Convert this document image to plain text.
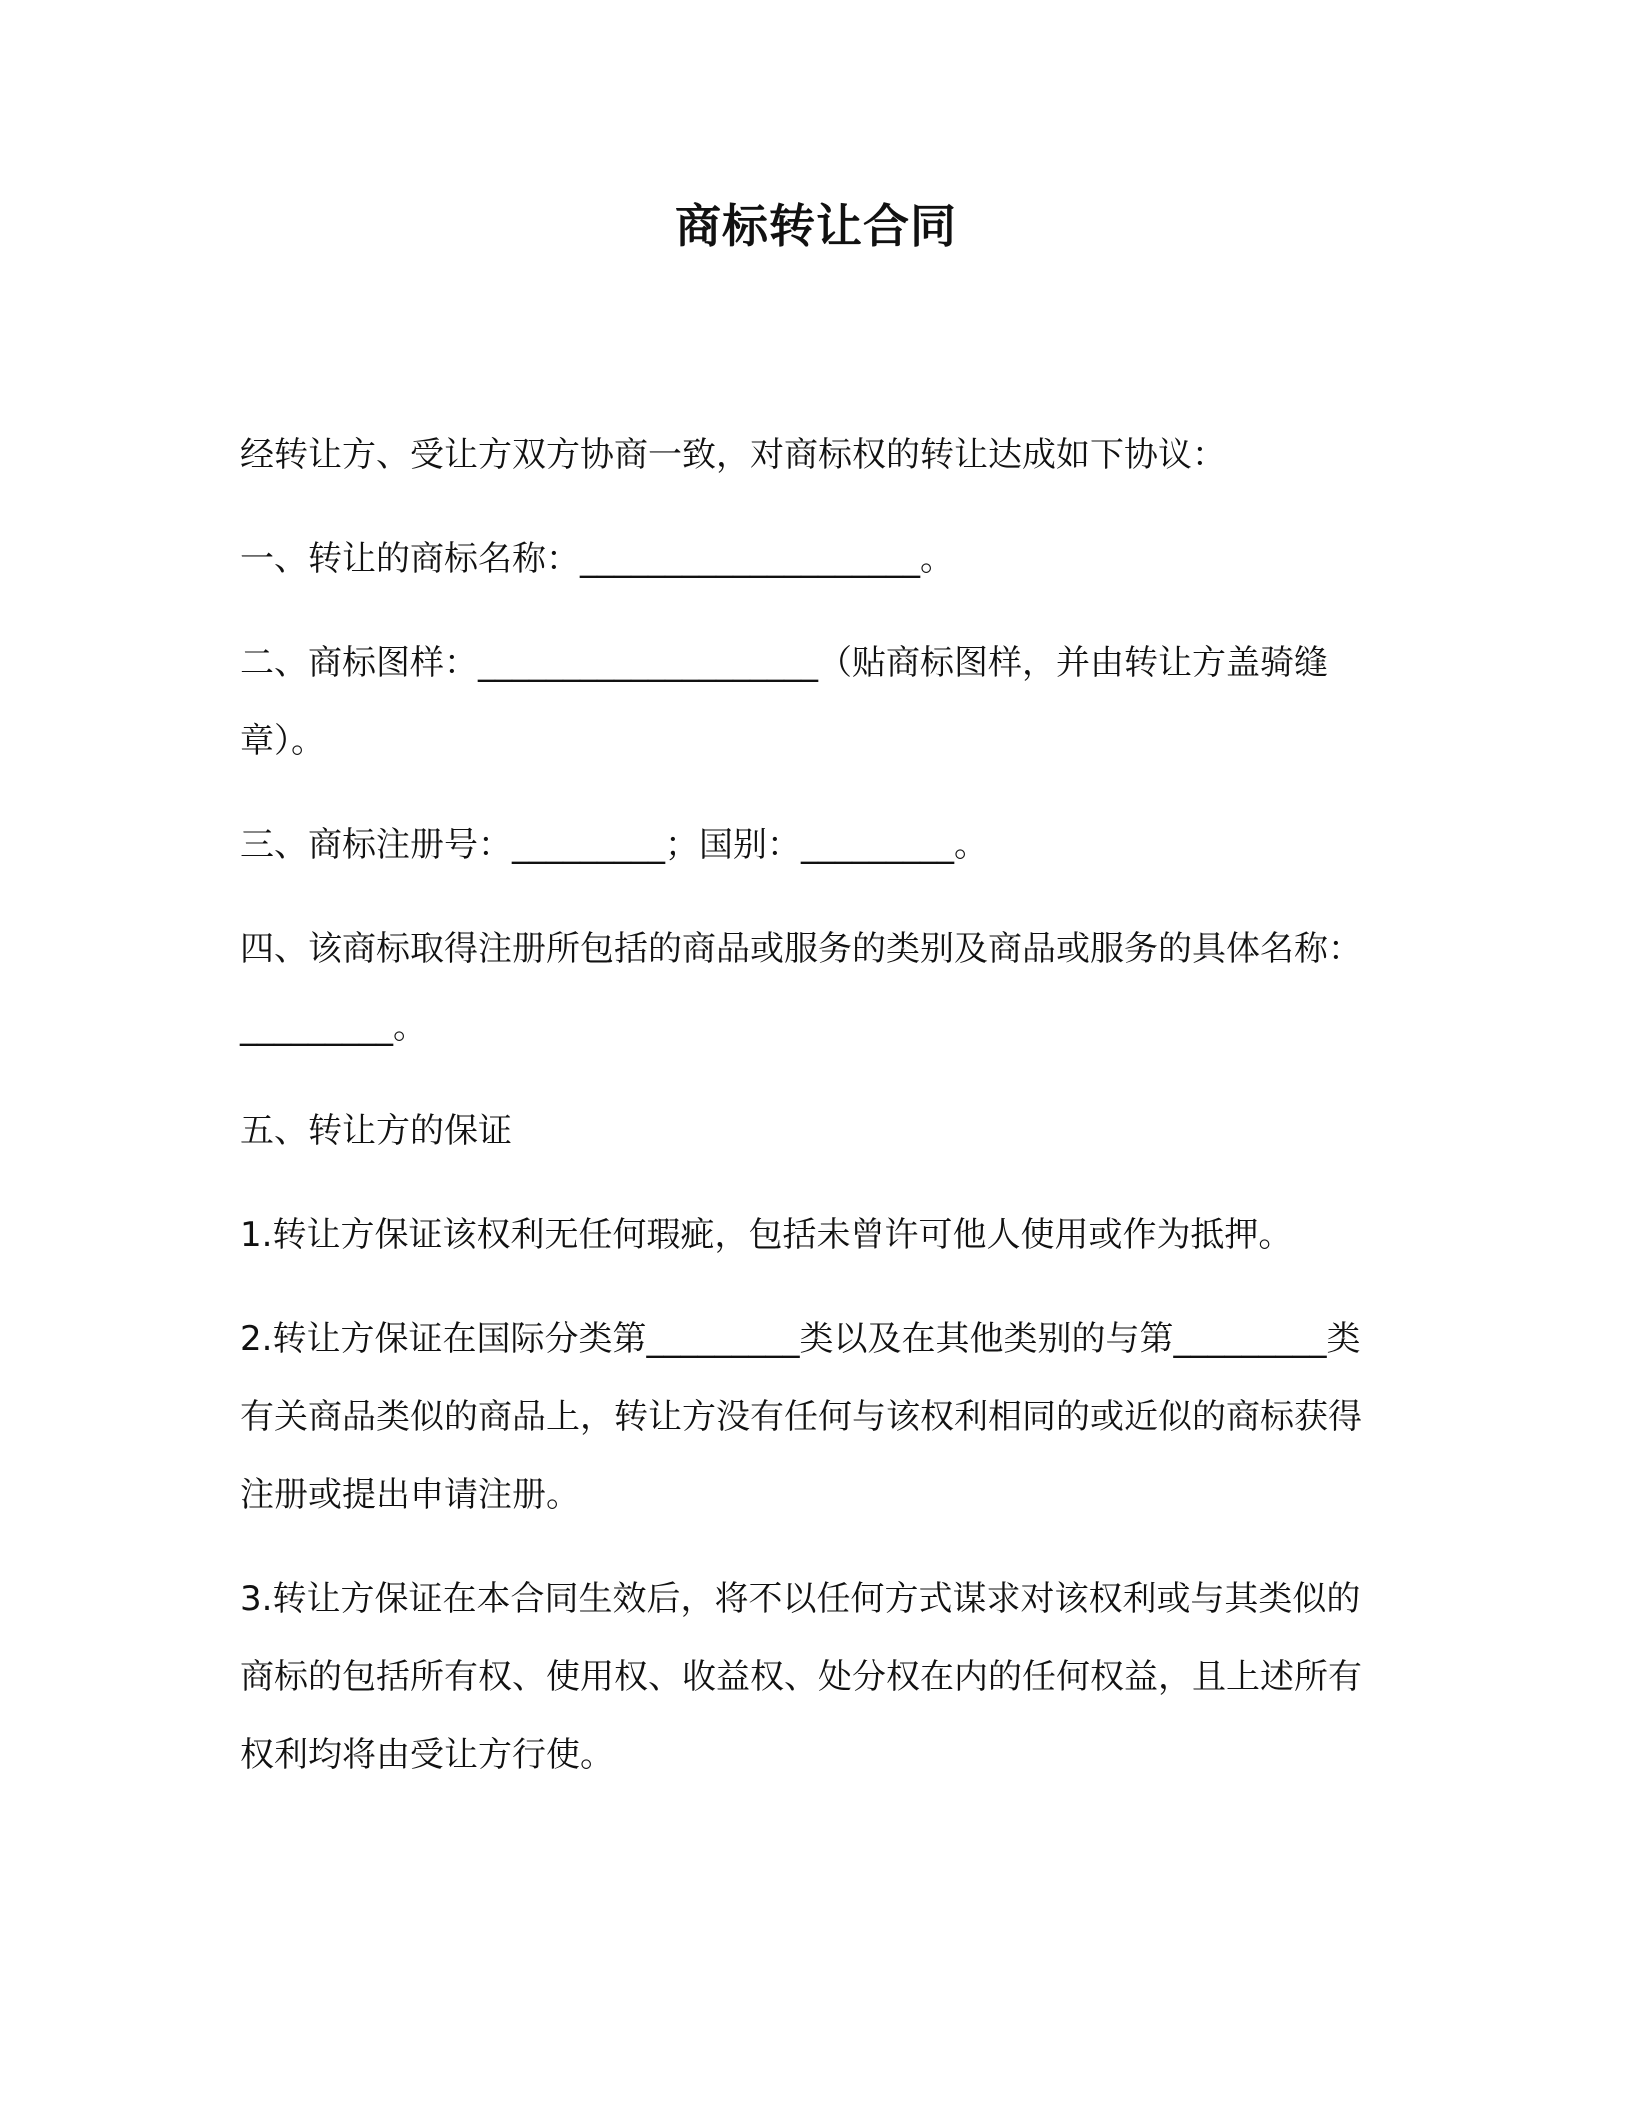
商标转让合同

经转让方、受让方双方协商一致，对商标权的转让达成如下协议：

一、转让的商标名称：____________________。

二、商标图样：____________________（贴商标图样，并由转让方盖骑缝章）。

三、商标注册号：_________；国别：_________。

四、该商标取得注册所包括的商品或服务的类别及商品或服务的具体名称：_________。

五、转让方的保证

1.转让方保证该权利无任何瑕疵，包括未曾许可他人使用或作为抵押。

2.转让方保证在国际分类第_________类以及在其他类别的与第_________类有关商品类似的商品上，转让方没有任何与该权利相同的或近似的商标获得注册或提出申请注册。

3.转让方保证在本合同生效后，将不以任何方式谋求对该权利或与其类似的商标的包括所有权、使用权、收益权、处分权在内的任何权益，且上述所有权利均将由受让方行使。
